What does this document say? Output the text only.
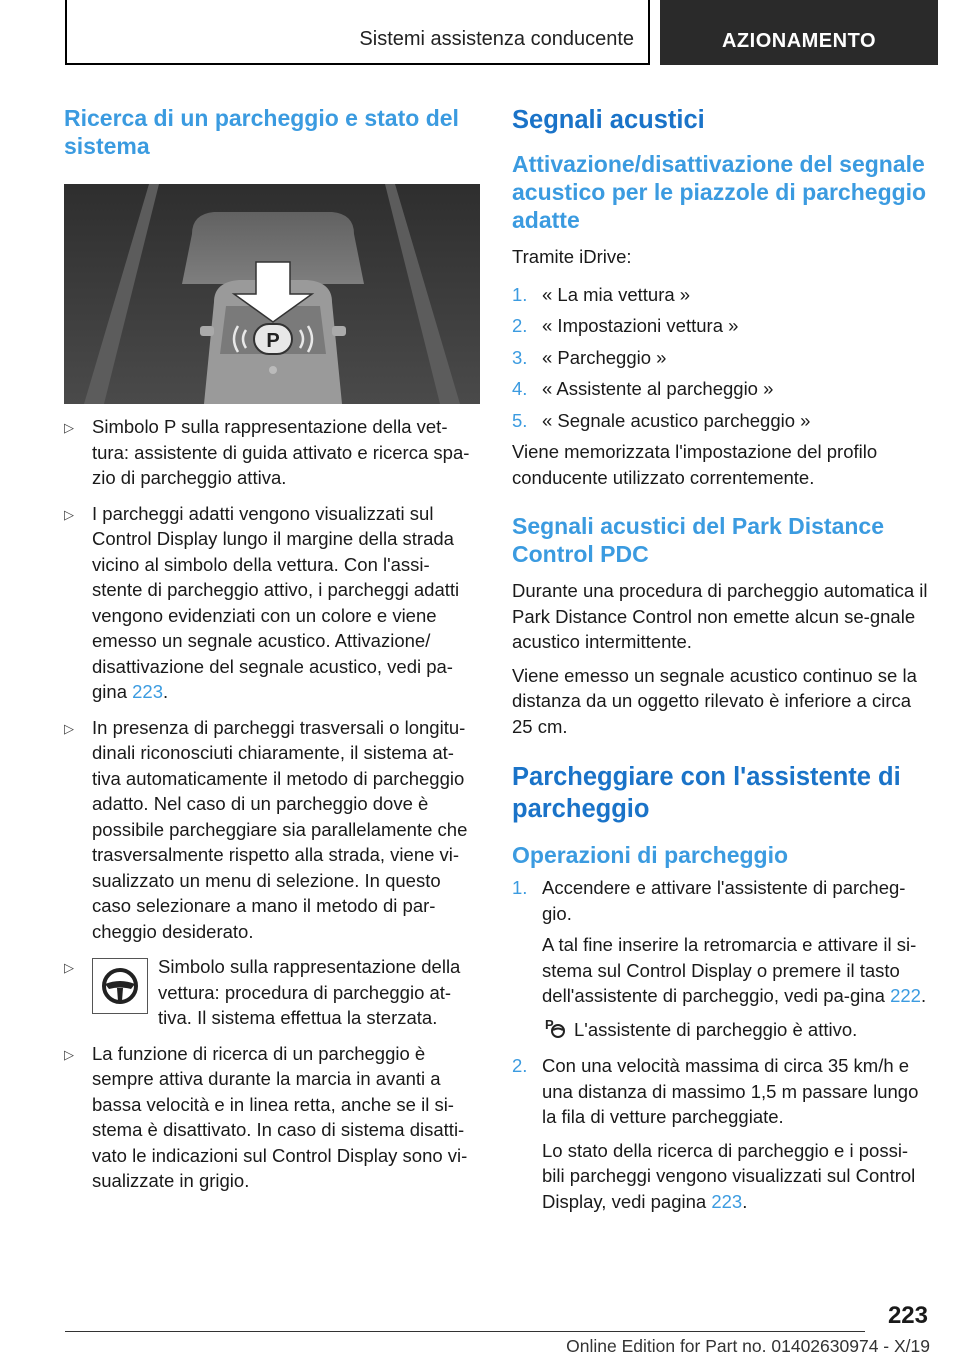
Sistemi assistenza conducente	AZIONAMENTO
Ricerca di un parcheggio e stato del sistema
P
▷ Simbolo P sulla rappresentazione della vet-tura: assistente di guida attivato e ricerca spa-zio di parcheggio attiva.
▷ I parcheggi adatti vengono visualizzati sul Control Display lungo il margine della strada vicino al simbolo della vettura. Con l'assi-stente di parcheggio attivo, i parcheggi adatti vengono evidenziati con un colore e viene emesso un segnale acustico. Attivazione/ disattivazione del segnale acustico, vedi pa-gina 223.
▷ In presenza di parcheggi trasversali o longitu-dinali riconosciuti chiaramente, il sistema at-tiva automaticamente il metodo di parcheggio adatto. Nel caso di un parcheggio dove è possibile parcheggiare sia parallelamente che trasversalmente rispetto alla strada, viene vi-sualizzato un menu di selezione. In questo caso selezionare a mano il metodo di par-cheggio desiderato.
▷	Simbolo sulla rappresentazione della vettura: procedura di parcheggio at-tiva. Il sistema effettua la sterzata.
▷ La funzione di ricerca di un parcheggio è sempre attiva durante la marcia in avanti a bassa velocità e in linea retta, anche se il si-stema è disattivato. In caso di sistema disatti-vato le indicazioni sul Control Display sono vi-sualizzate in grigio.
Segnali acustici
Attivazione/disattivazione del segnale acustico per le piazzole di parcheggio adatte

Tramite iDrive:

1. « La mia vettura »
2. « Impostazioni vettura »
3. « Parcheggio »
4. « Assistente al parcheggio »
5. « Segnale acustico parcheggio »

Viene memorizzata l'impostazione del profilo conducente utilizzato correntemente.

Segnali acustici del Park Distance Control PDC

Durante una procedura di parcheggio automatica il Park Distance Control non emette alcun se-gnale acustico intermittente.

Viene emesso un segnale acustico continuo se la distanza da un oggetto rilevato è inferiore a circa 25 cm.

Parcheggiare con l'assistente di parcheggio
Operazioni di parcheggio
1. Accendere e attivare l'assistente di parcheg-gio.

A tal fine inserire la retromarcia e attivare il si-stema sul Control Display o premere il tasto dell'assistente di parcheggio, vedi pa-gina 222.

P L'assistente di parcheggio è attivo.
2. Con una velocità massima di circa 35 km/h e una distanza di massimo 1,5 m passare lungo la fila di vetture parcheggiate.

Lo stato della ricerca di parcheggio e i possi-bili parcheggi vengono visualizzati sul Control Display, vedi pagina 223.

223
Online Edition for Part no. 01402630974 - X/19
